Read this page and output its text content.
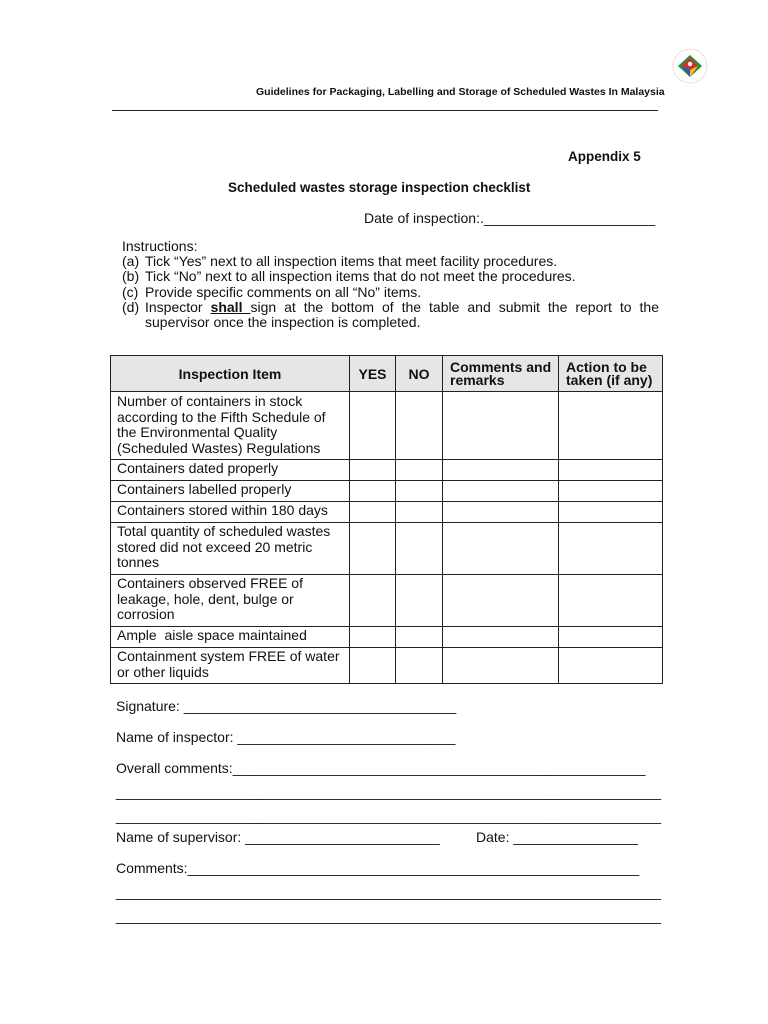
Guidelines for Packaging, Labelling and Storage of Scheduled Wastes In Malaysia
Appendix 5
Scheduled wastes storage inspection checklist
Date of inspection:.______________________
Instructions:
(a) Tick “Yes” next to all inspection items that meet facility procedures.
(b) Tick “No” next to all inspection items that do not meet the procedures.
(c) Provide specific comments on all “No” items.
(d) Inspector shall sign at the bottom of the table and submit the report to the
supervisor once the inspection is completed.
Inspection Item	YES	NO	Comments and remarks	Action to be taken (if any)
Number of containers in stock according to the Fifth Schedule of the Environmental Quality (Scheduled Wastes) Regulations				
Containers dated properly				
Containers labelled properly				
Containers stored within 180 days				
Total quantity of scheduled wastes stored did not exceed 20 metric tonnes				
Containers observed FREE of leakage, hole, dent, bulge or corrosion				
Ample  aisle space maintained				
Containment system FREE of water or other liquids				
Signature: ___________________________________
Name of inspector: ____________________________
Overall comments:_____________________________________________________
______________________________________________________________________
______________________________________________________________________
Name of supervisor: _________________________	Date: ________________
Comments:__________________________________________________________
______________________________________________________________________
______________________________________________________________________
